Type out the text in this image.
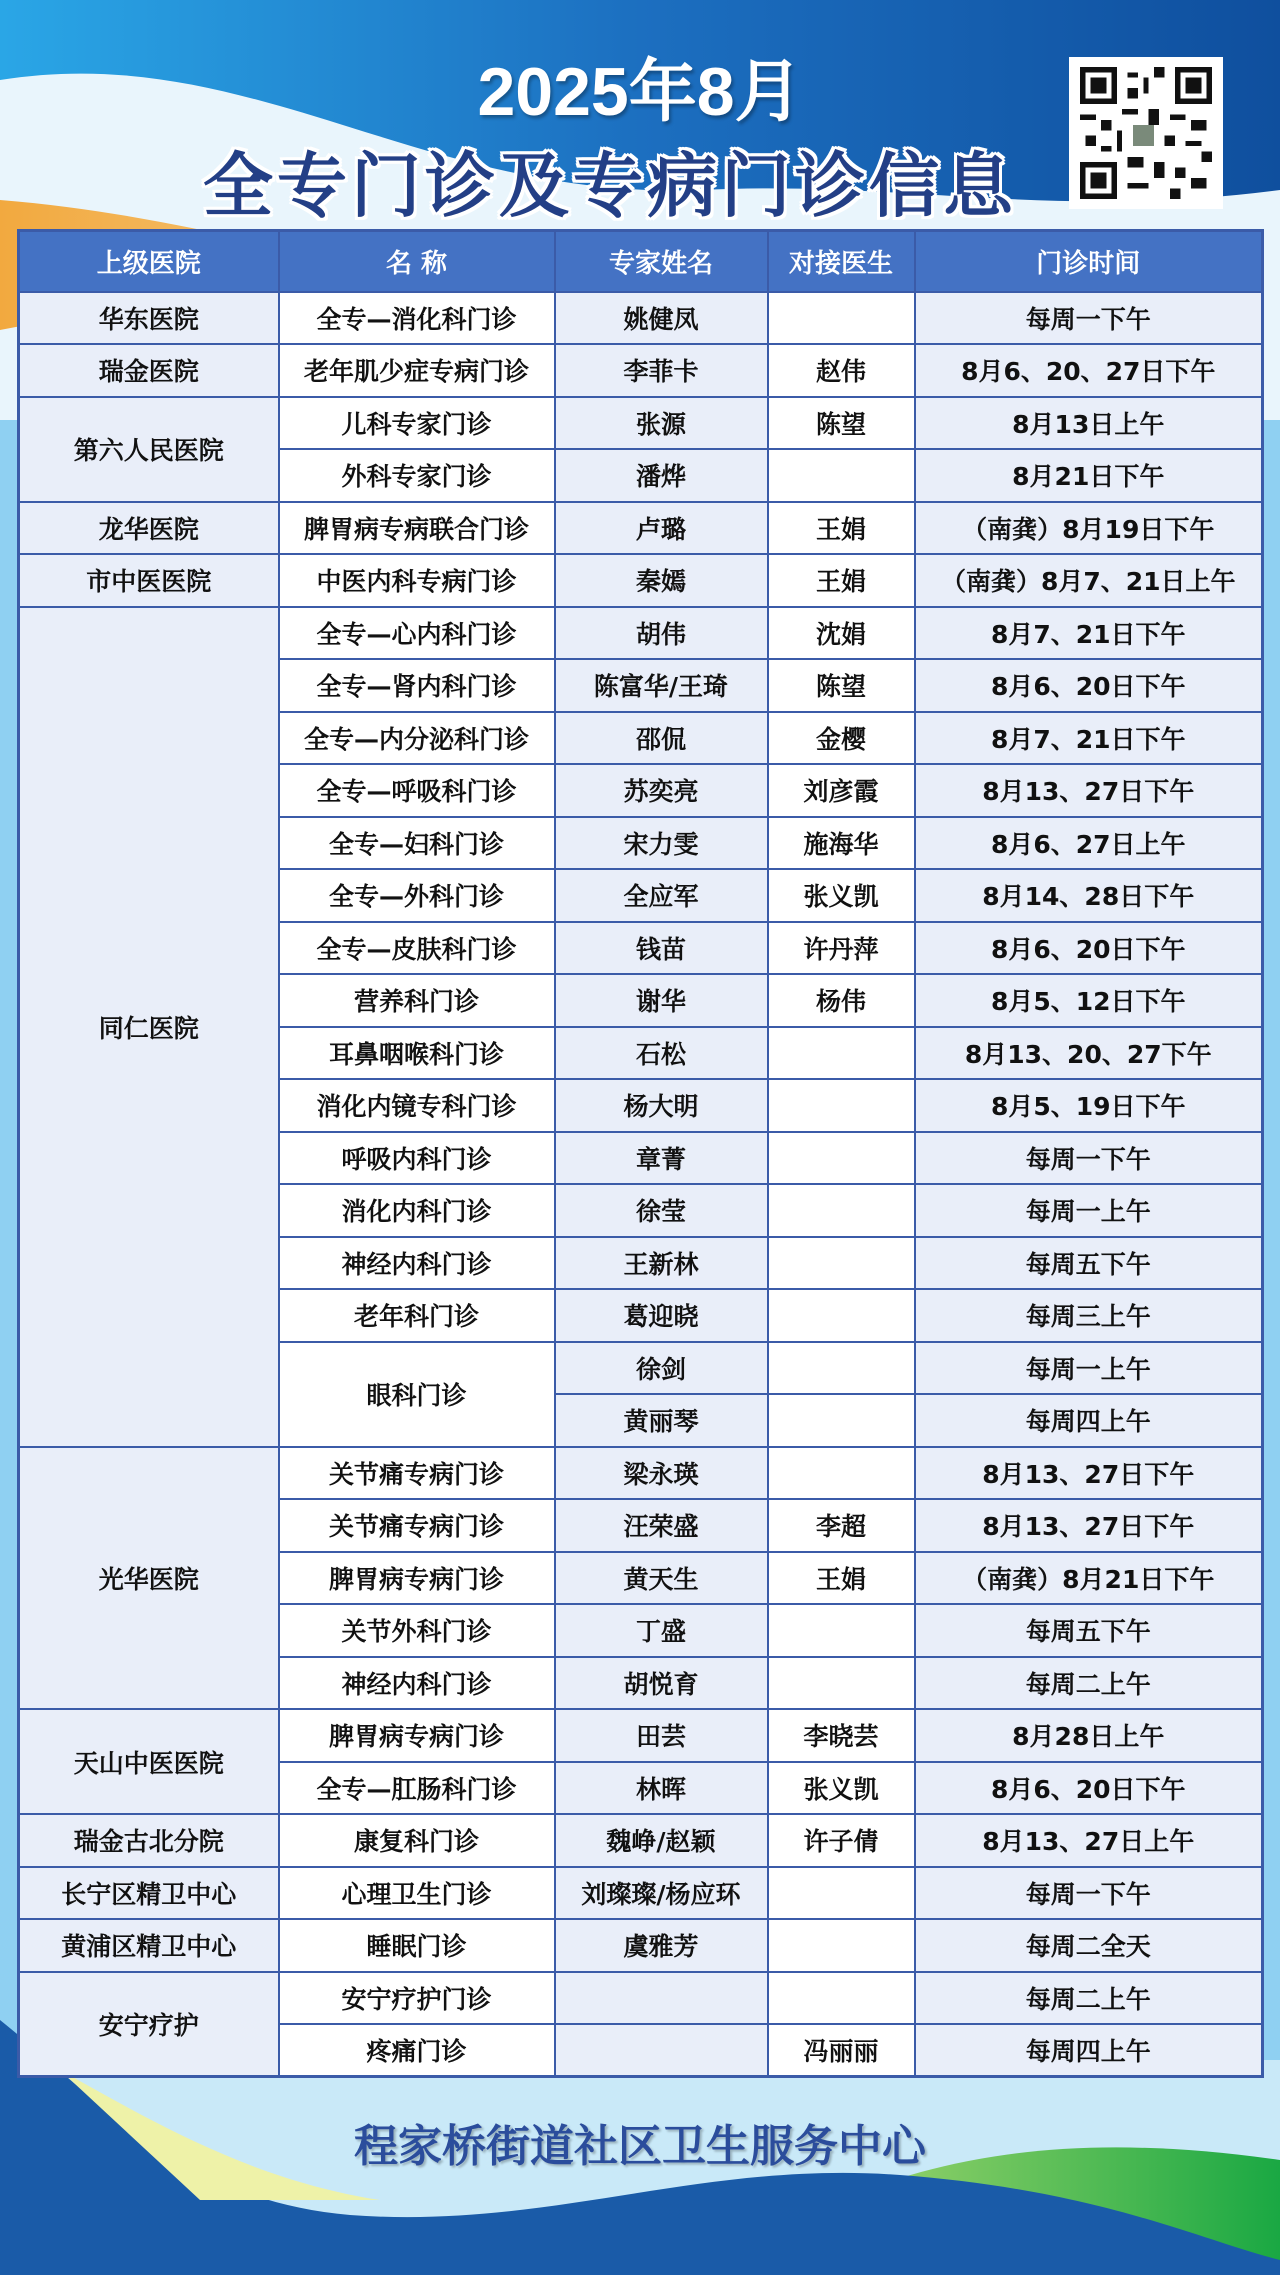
2025年8月
全专门诊及专病门诊信息
上级医院	名 称	专家姓名	对接医生	门诊时间
华东医院	全专—消化科门诊	姚健凤		每周一下午
瑞金医院	老年肌少症专病门诊	李菲卡	赵伟	8月6、20、27日下午
第六人民医院	儿科专家门诊	张源	陈望	8月13日上午
	外科专家门诊	潘烨		8月21日下午
龙华医院	脾胃病专病联合门诊	卢璐	王娟	（南龚）8月19日下午
市中医医院	中医内科专病门诊	秦嫣	王娟	（南龚）8月7、21日上午
同仁医院	全专—心内科门诊	胡伟	沈娟	8月7、21日下午
	全专—肾内科门诊	陈富华/王琦	陈望	8月6、20日下午
	全专—内分泌科门诊	邵侃	金樱	8月7、21日下午
	全专—呼吸科门诊	苏奕亮	刘彦霞	8月13、27日下午
	全专—妇科门诊	宋力雯	施海华	8月6、27日上午
	全专—外科门诊	全应军	张义凯	8月14、28日下午
	全专—皮肤科门诊	钱苗	许丹萍	8月6、20日下午
	营养科门诊	谢华	杨伟	8月5、12日下午
	耳鼻咽喉科门诊	石松		8月13、20、27下午
	消化内镜专科门诊	杨大明		8月5、19日下午
	呼吸内科门诊	章菁		每周一下午
	消化内科门诊	徐莹		每周一上午
	神经内科门诊	王新林		每周五下午
	老年科门诊	葛迎晓		每周三上午
	眼科门诊	徐剑		每周一上午
		黄丽琴		每周四上午
光华医院	关节痛专病门诊	梁永瑛		8月13、27日下午
	关节痛专病门诊	汪荣盛	李超	8月13、27日下午
	脾胃病专病门诊	黄天生	王娟	（南龚）8月21日下午
	关节外科门诊	丁盛		每周五下午
	神经内科门诊	胡悦育		每周二上午
天山中医医院	脾胃病专病门诊	田芸	李晓芸	8月28日上午
	全专—肛肠科门诊	林晖	张义凯	8月6、20日下午
瑞金古北分院	康复科门诊	魏峥/赵颖	许子倩	8月13、27日上午
长宁区精卫中心	心理卫生门诊	刘璨璨/杨应环		每周一下午
黄浦区精卫中心	睡眠门诊	虞雅芳		每周二全天
安宁疗护	安宁疗护门诊			每周二上午
	疼痛门诊		冯丽丽	每周四上午
程家桥街道社区卫生服务中心
